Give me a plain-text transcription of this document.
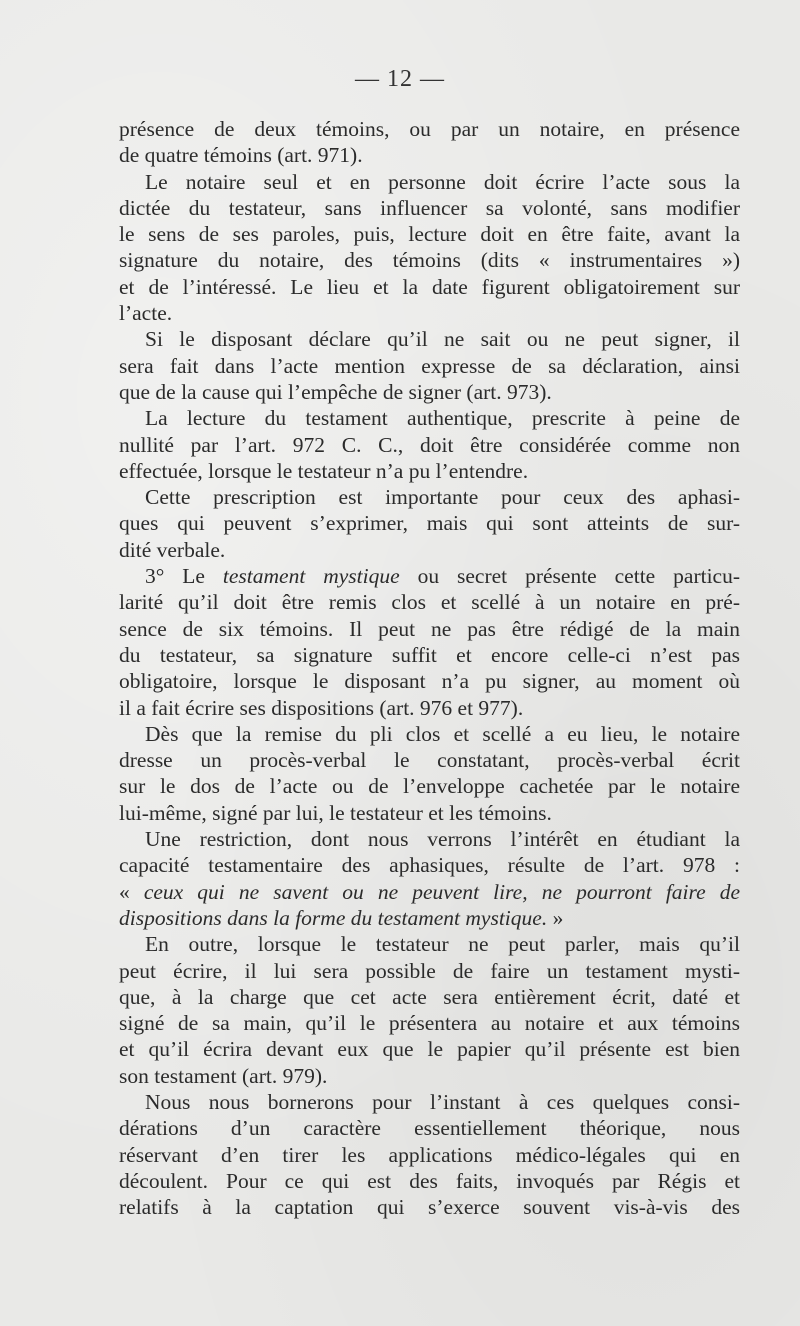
— 12 —
présence de deux témoins, ou par un notaire, en présence
de quatre témoins (art. 971).
Le notaire seul et en personne doit écrire l’acte sous la
dictée du testateur, sans influencer sa volonté, sans modifier
le sens de ses paroles, puis, lecture doit en être faite, avant la
signature du notaire, des témoins (dits « instrumentaires »)
et de l’intéressé. Le lieu et la date figurent obligatoirement sur
l’acte.
Si le disposant déclare qu’il ne sait ou ne peut signer, il
sera fait dans l’acte mention expresse de sa déclaration, ainsi
que de la cause qui l’empêche de signer (art. 973).
La lecture du testament authentique, prescrite à peine de
nullité par l’art. 972 C. C., doit être considérée comme non
effectuée, lorsque le testateur n’a pu l’entendre.
Cette prescription est importante pour ceux des aphasi-
ques qui peuvent s’exprimer, mais qui sont atteints de sur-
dité verbale.
3° Le testament mystique ou secret présente cette particu-
larité qu’il doit être remis clos et scellé à un notaire en pré-
sence de six témoins. Il peut ne pas être rédigé de la main
du testateur, sa signature suffit et encore celle-ci n’est pas
obligatoire, lorsque le disposant n’a pu signer, au moment où
il a fait écrire ses dispositions (art. 976 et 977).
Dès que la remise du pli clos et scellé a eu lieu, le notaire
dresse un procès-verbal le constatant, procès-verbal écrit
sur le dos de l’acte ou de l’enveloppe cachetée par le notaire
lui-même, signé par lui, le testateur et les témoins.
Une restriction, dont nous verrons l’intérêt en étudiant la
capacité testamentaire des aphasiques, résulte de l’art. 978 :
« ceux qui ne savent ou ne peuvent lire, ne pourront faire de
dispositions dans la forme du testament mystique. »
En outre, lorsque le testateur ne peut parler, mais qu’il
peut écrire, il lui sera possible de faire un testament mysti-
que, à la charge que cet acte sera entièrement écrit, daté et
signé de sa main, qu’il le présentera au notaire et aux témoins
et qu’il écrira devant eux que le papier qu’il présente est bien
son testament (art. 979).
Nous nous bornerons pour l’instant à ces quelques consi-
dérations d’un caractère essentiellement théorique, nous
réservant d’en tirer les applications médico-légales qui en
découlent. Pour ce qui est des faits, invoqués par Régis et
relatifs à la captation qui s’exerce souvent vis-à-vis des
